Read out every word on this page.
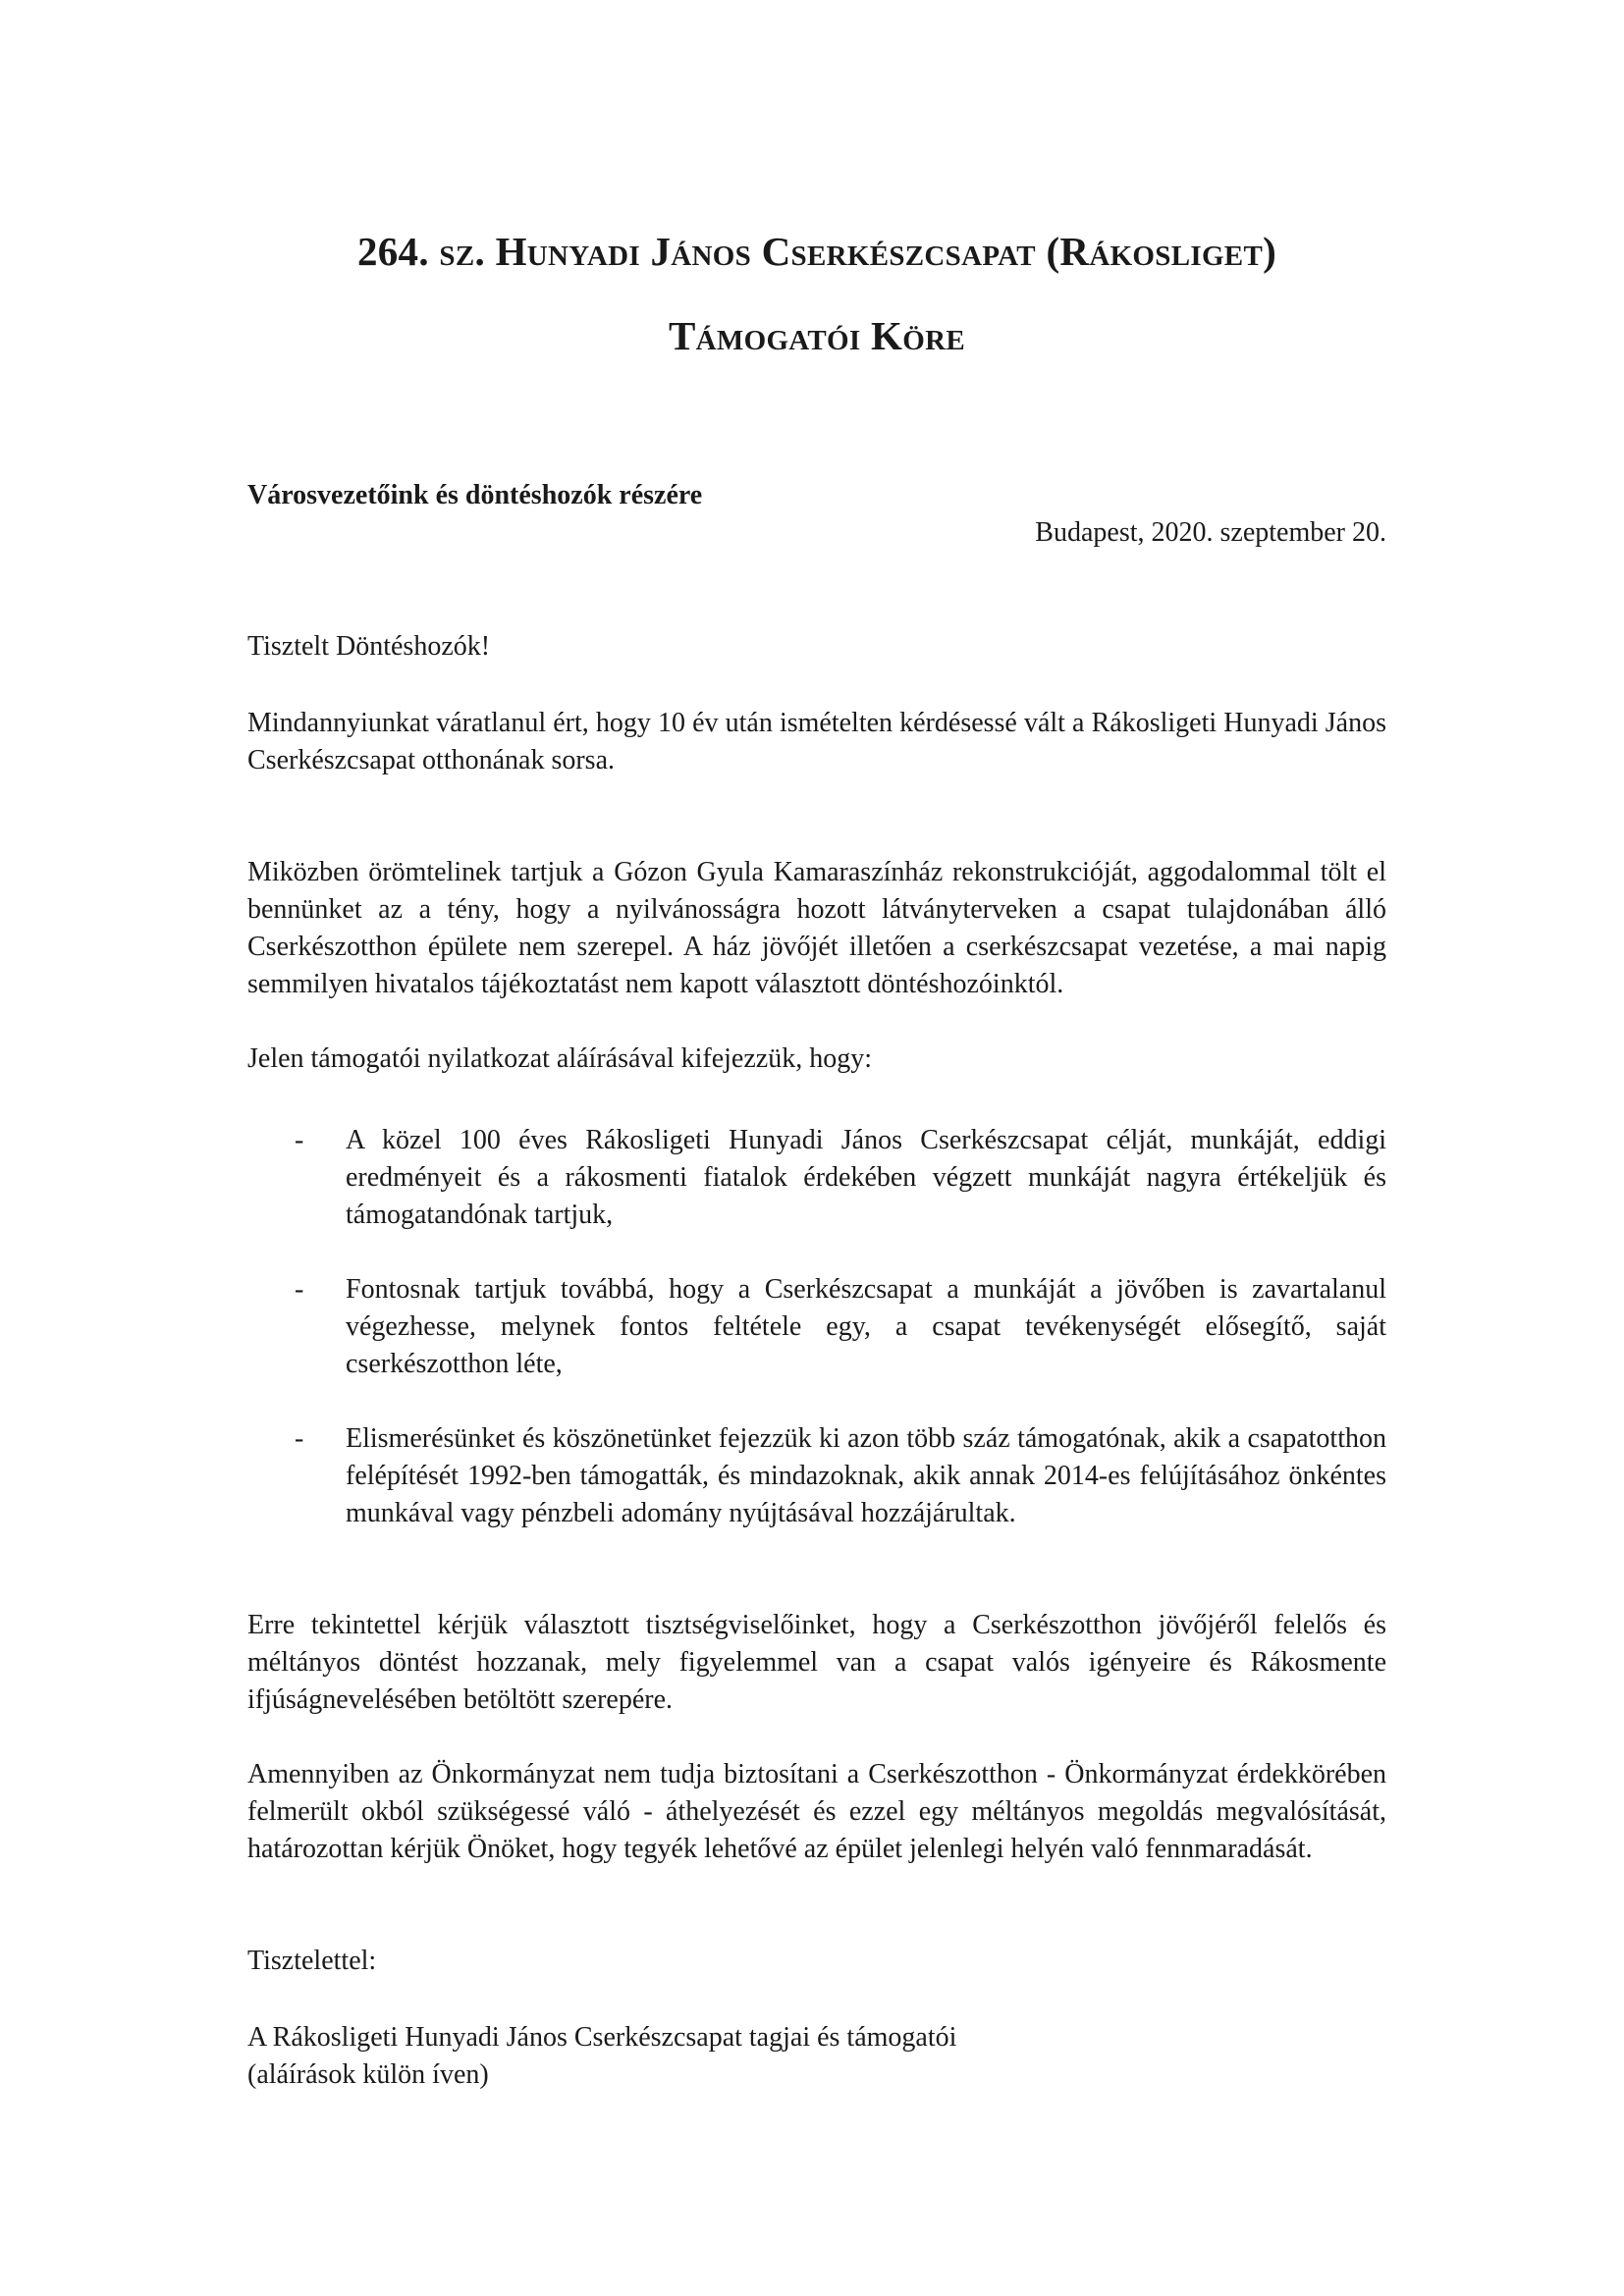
264. sz. Hunyadi János Cserkészcsapat (Rákosliget)
Támogatói Köre
Városvezetőink és döntéshozók részére
Budapest, 2020. szeptember 20.

Tisztelt Döntéshozók!

Mindannyiunkat váratlanul ért, hogy 10 év után ismételten kérdésessé vált a Rákosligeti Hunyadi János Cserkészcsapat otthonának sorsa.

Miközben örömtelinek tartjuk a Gózon Gyula Kamaraszínház rekonstrukcióját, aggodalommal tölt el bennünket az a tény, hogy a nyilvánosságra hozott látványterveken a csapat tulajdonában álló Cserkészotthon épülete nem szerepel. A ház jövőjét illetően a cserkészcsapat vezetése, a mai napig semmilyen hivatalos tájékoztatást nem kapott választott döntéshozóinktól.

Jelen támogatói nyilatkozat aláírásával kifejezzük, hogy:

- A közel 100 éves Rákosligeti Hunyadi János Cserkészcsapat célját, munkáját, eddigi eredményeit és a rákosmenti fiatalok érdekében végzett munkáját nagyra értékeljük és támogatandónak tartjuk,

- Fontosnak tartjuk továbbá, hogy a Cserkészcsapat a munkáját a jövőben is zavartalanul végezhesse, melynek fontos feltétele egy, a csapat tevékenységét elősegítő, saját cserkészotthon léte,

- Elismerésünket és köszönetünket fejezzük ki azon több száz támogatónak, akik a csapatotthon felépítését 1992-ben támogatták, és mindazoknak, akik annak 2014-es felújításához önkéntes munkával vagy pénzbeli adomány nyújtásával hozzájárultak.

Erre tekintettel kérjük választott tisztségviselőinket, hogy a Cserkészotthon jövőjéről felelős és méltányos döntést hozzanak, mely figyelemmel van a csapat valós igényeire és Rákosmente ifjúságnevelésében betöltött szerepére.

Amennyiben az Önkormányzat nem tudja biztosítani a Cserkészotthon - Önkormányzat érdekkörében felmerült okból szükségessé váló - áthelyezését és ezzel egy méltányos megoldás megvalósítását, határozottan kérjük Önöket, hogy tegyék lehetővé az épület jelenlegi helyén való fennmaradását.

Tisztelettel:

A Rákosligeti Hunyadi János Cserkészcsapat tagjai és támogatói
(aláírások külön íven)
